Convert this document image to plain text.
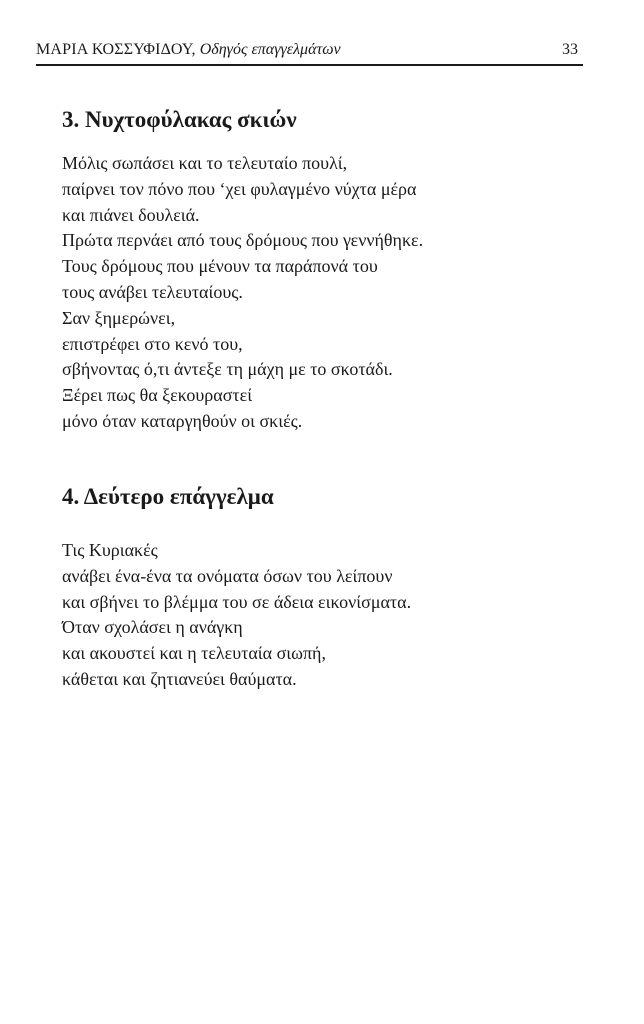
ΜΑΡΙΑ ΚΟΣΣΥΦΙΔΟΥ, Οδηγός επαγγελμάτων	33
3. Νυχτοφύλακας σκιών
Μόλις σωπάσει και το τελευταίο πουλί,
παίρνει τον πόνο που ‘χει φυλαγμένο νύχτα μέρα
και πιάνει δουλειά.
Πρώτα περνάει από τους δρόμους που γεννήθηκε.
Τους δρόμους που μένουν τα παράπονά του
τους ανάβει τελευταίους.
Σαν ξημερώνει,
επιστρέφει στο κενό του,
σβήνοντας ό,τι άντεξε τη μάχη με το σκοτάδι.
Ξέρει πως θα ξεκουραστεί
μόνο όταν καταργηθούν οι σκιές.
4. Δεύτερο επάγγελμα
Τις Κυριακές
ανάβει ένα-ένα τα ονόματα όσων του λείπουν
και σβήνει το βλέμμα του σε άδεια εικονίσματα.
Όταν σχολάσει η ανάγκη
και ακουστεί και η τελευταία σιωπή,
κάθεται και ζητιανεύει θαύματα.
